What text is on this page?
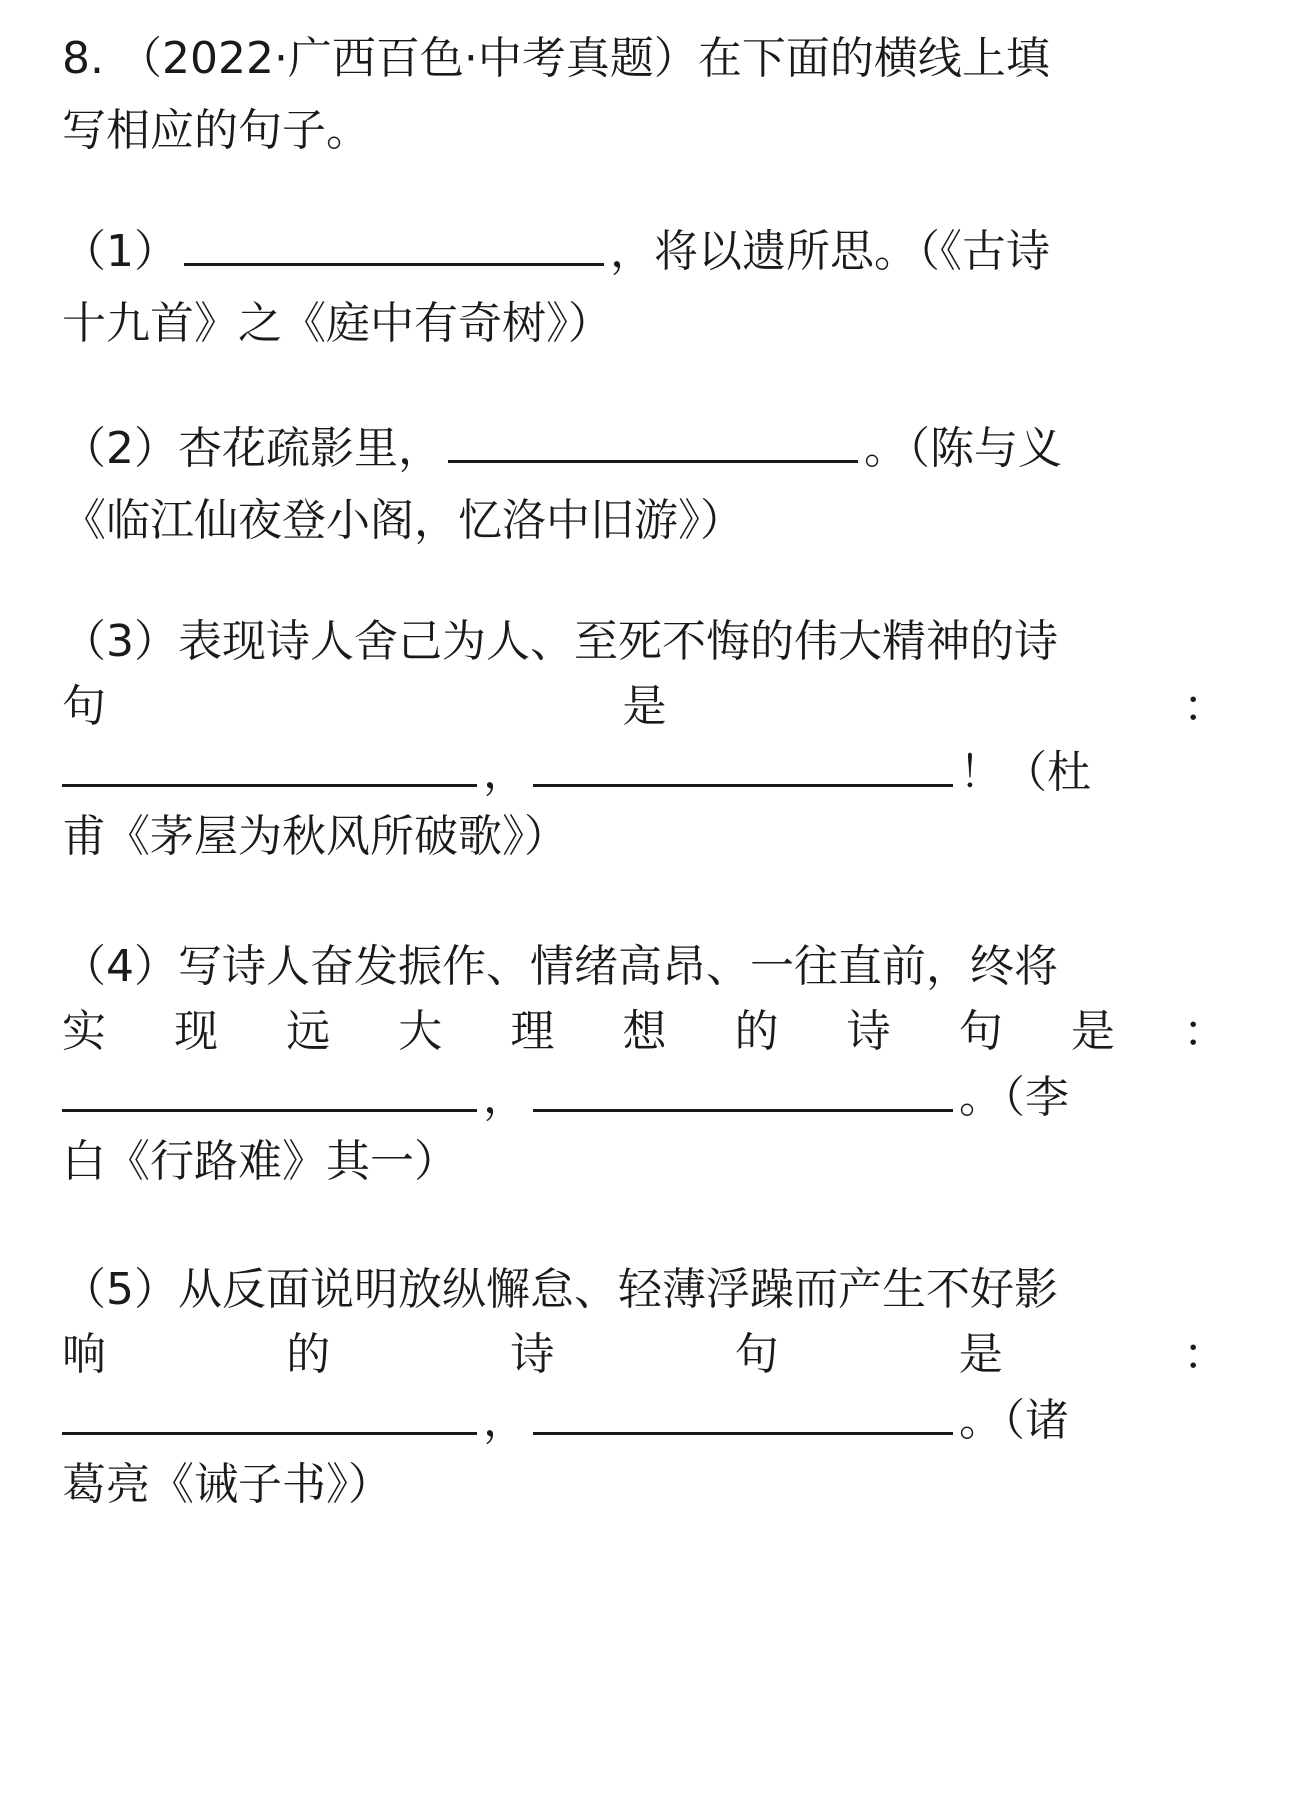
8. （2022·广西百色·中考真题）在下面的横线上填
写相应的句子。
（1）	，将以遗所思。（《古诗
十九首》之《庭中有奇树》）
（2）杏花疏影里，	。（陈与义
《临江仙夜登小阁，忆洛中旧游》）
（3）表现诗人舍己为人、至死不悔的伟大精神的诗
句	是	：
，	！（杜
甫《茅屋为秋风所破歌》）
（4）写诗人奋发振作、情绪高昂、一往直前，终将
实 现 远 大 理 想 的 诗 句 是 ：
，	。（李
白《行路难》其一）
（5）从反面说明放纵懈怠、轻薄浮躁而产生不好影
响	的	诗	句	是	：
，	。（诸
葛亮《诫子书》）
